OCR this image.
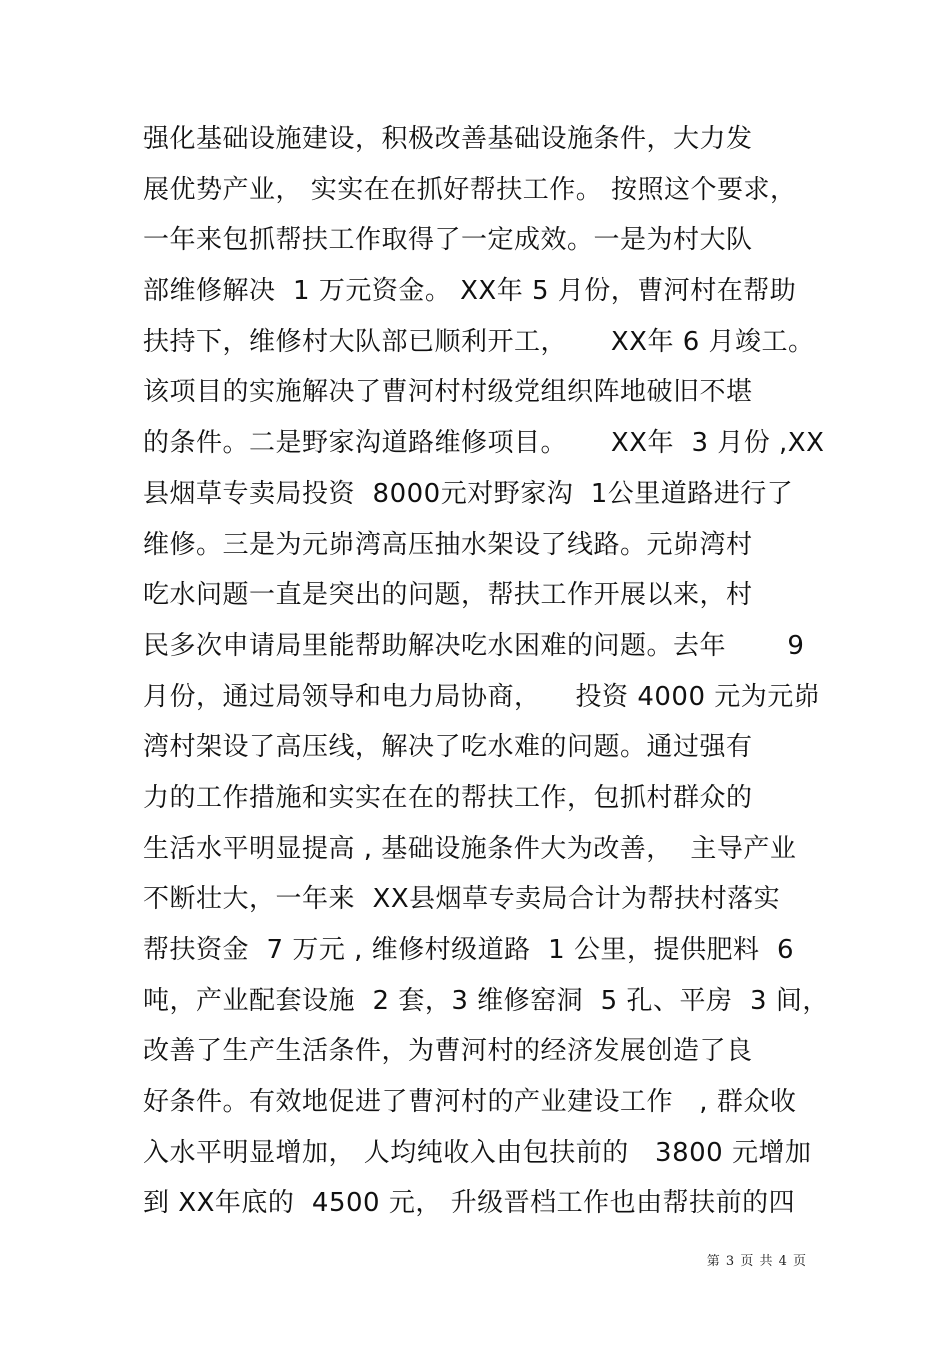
强化基础设施建设，积极改善基础设施条件，大力发
展优势产业， 实实在在抓好帮扶工作。 按照这个要求，
一年来包抓帮扶工作取得了一定成效。一是为村大队
部维修解决  1 万元资金。 XX年 5 月份，曹河村在帮助
扶持下，维修村大队部已顺利开工，     XX年 6 月竣工。
该项目的实施解决了曹河村村级党组织阵地破旧不堪
的条件。二是野家沟道路维修项目。     XX年  3 月份 ,XX
县烟草专卖局投资  8000元对野家沟  1公里道路进行了
维修。三是为元峁湾高压抽水架设了线路。元峁湾村
吃水问题一直是突出的问题，帮扶工作开展以来，村
民多次申请局里能帮助解决吃水困难的问题。去年       9
月份，通过局领导和电力局协商，    投资 4000 元为元峁
湾村架设了高压线，解决了吃水难的问题。通过强有
力的工作措施和实实在在的帮扶工作，包抓村群众的
生活水平明显提高 , 基础设施条件大为改善，  主导产业
不断壮大，一年来  XX县烟草专卖局合计为帮扶村落实
帮扶资金  7 万元 , 维修村级道路  1 公里，提供肥料  6
吨，产业配套设施  2 套，3 维修窑洞  5 孔、平房  3 间，
改善了生产生活条件，为曹河村的经济发展创造了良
好条件。有效地促进了曹河村的产业建设工作   , 群众收
入水平明显增加， 人均纯收入由包扶前的   3800 元增加
到 XX年底的  4500 元， 升级晋档工作也由帮扶前的四
第 3 页 共 4 页
